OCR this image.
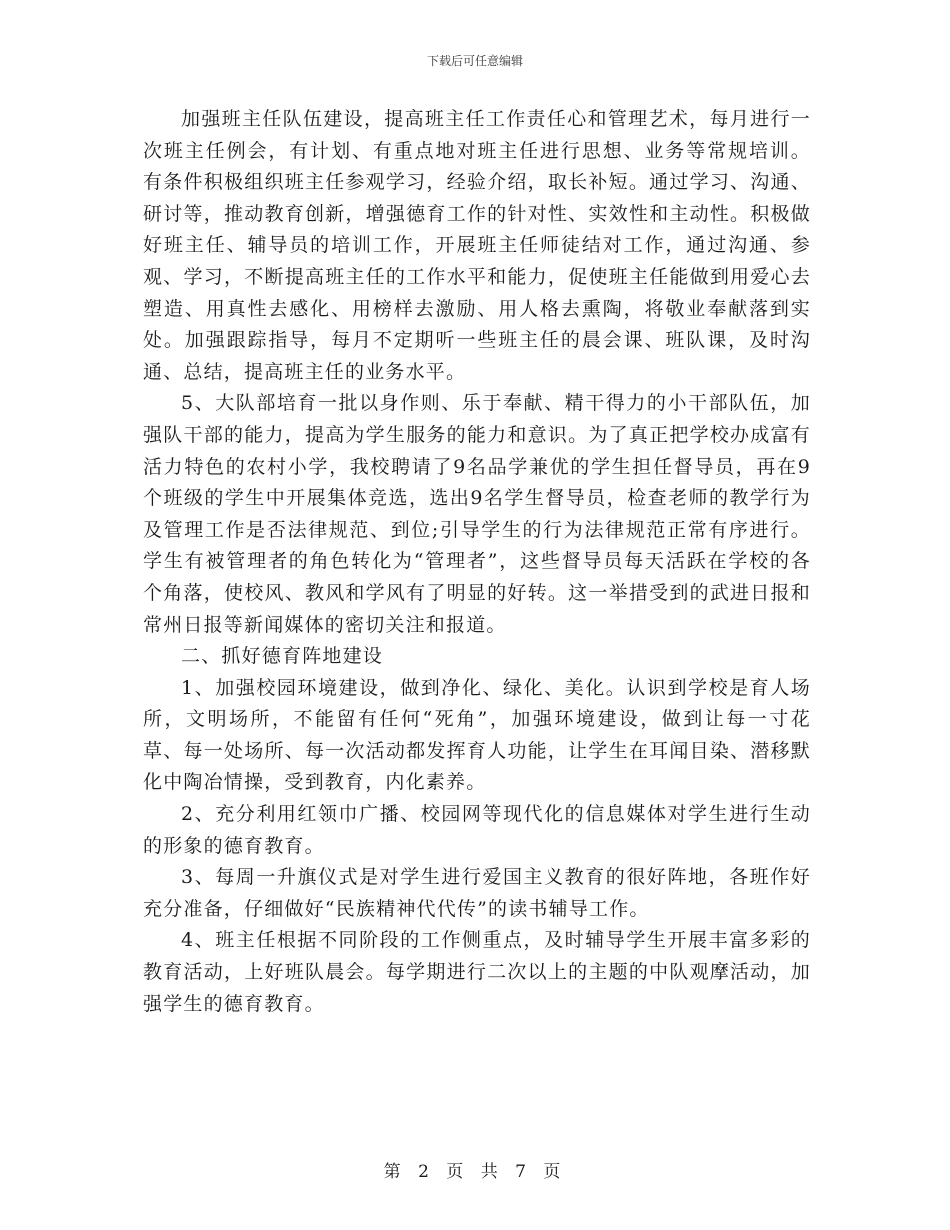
下载后可任意编辑

加强班主任队伍建设，提高班主任工作责任心和管理艺术，每月进行一次班主任例会，有计划、有重点地对班主任进行思想、业务等常规培训。 有条件积极组织班主任参观学习，经验介绍，取长补短。通过学习、沟通、研讨等，推动教育创新，增强德育工作的针对性、实效性和主动性。积极做好班主任、辅导员的培训工作，开展班主任师徒结对工作，通过沟通、参观、学习，不断提高班主任的工作水平和能力，促使班主任能做到用爱心去塑造、用真性去感化、用榜样去激励、用人格去熏陶，将敬业奉献落到实处。加强跟踪指导，每月不定期听一些班主任的晨会课、班队课，及时沟通、总结，提高班主任的业务水平。

5、大队部培育一批以身作则、乐于奉献、精干得力的小干部队伍，加强队干部的能力，提高为学生服务的能力和意识。为了真正把学校办成富有活力特色的农村小学，我校聘请了9名品学兼优的学生担任督导员，再在9个班级的学生中开展集体竞选，选出9名学生督导员，检查老师的教学行为及管理工作是否法律规范、到位;引导学生的行为法律规范正常有序进行。学生有被管理者的角色转化为“管理者”，这些督导员每天活跃在学校的各个角落，使校风、教风和学风有了明显的好转。这一举措受到的武进日报和常州日报等新闻媒体的密切关注和报道。

二、抓好德育阵地建设

1、加强校园环境建设，做到净化、绿化、美化。认识到学校是育人场所，文明场所，不能留有任何“死角”，加强环境建设，做到让每一寸花草、每一处场所、每一次活动都发挥育人功能，让学生在耳闻目染、潜移默化中陶冶情操，受到教育，内化素养。

2、充分利用红领巾广播、校园网等现代化的信息媒体对学生进行生动的形象的德育教育。

3、每周一升旗仪式是对学生进行爱国主义教育的很好阵地，各班作好充分准备，仔细做好“民族精神代代传”的读书辅导工作。

4、班主任根据不同阶段的工作侧重点，及时辅导学生开展丰富多彩的教育活动，上好班队晨会。每学期进行二次以上的主题的中队观摩活动，加强学生的德育教育。

第 2 页 共 7 页
